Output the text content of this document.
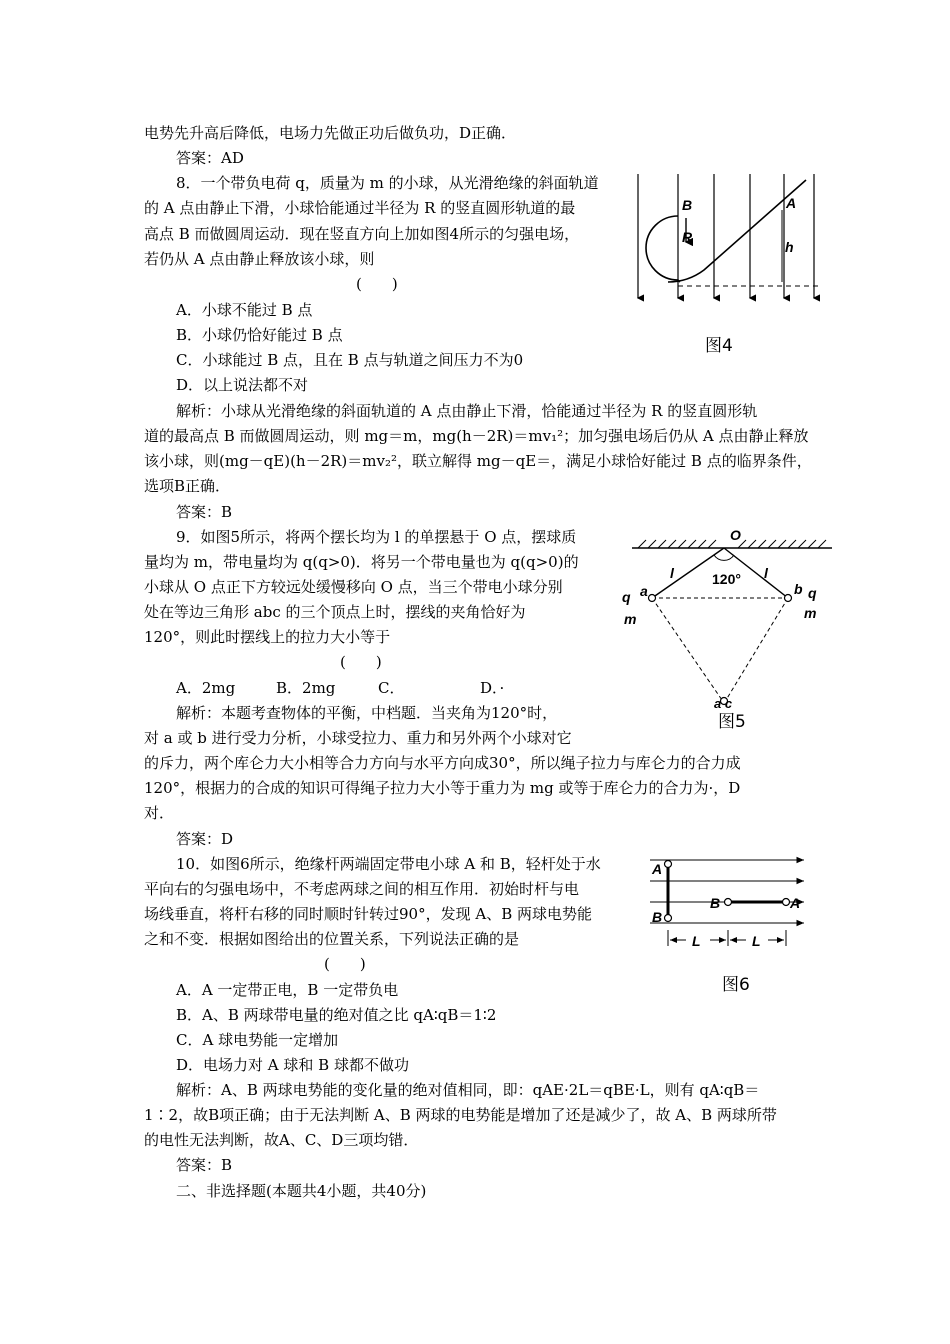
电势先升高后降低，电场力先做正功后做负功，D正确．
答案：AD
8．一个带负电荷 q，质量为 m 的小球，从光滑绝缘的斜面轨道
的 A 点由静止下滑，小球恰能通过半径为 R 的竖直圆形轨道的最
高点 B 而做圆周运动．现在竖直方向上加如图4所示的匀强电场，
若仍从 A 点由静止释放该小球，则
(　　)
A．小球不能过 B 点
B．小球仍恰好能过 B 点
C．小球能过 B 点，且在 B 点与轨道之间压力不为0
D．以上说法都不对
解析：小球从光滑绝缘的斜面轨道的 A 点由静止下滑，恰能通过半径为 R 的竖直圆形轨
道的最高点 B 而做圆周运动，则 mg＝m，mg(h－2R)＝mv₁²；加匀强电场后仍从 A 点由静止释放
该小球，则(mg－qE)(h－2R)＝mv₂²，联立解得 mg－qE＝，满足小球恰好能过 B 点的临界条件，
选项B正确．
答案：B
9．如图5所示，将两个摆长均为 l 的单摆悬于 O 点，摆球质
量均为 m，带电量均为 q(q>0)．将另一个带电量也为 q(q>0)的
小球从 O 点正下方较远处缓慢移向 O 点，当三个带电小球分别
处在等边三角形 abc 的三个顶点上时，摆线的夹角恰好为
120°，则此时摆线上的拉力大小等于
(　　)
A．2mg	B．2mg	C．	D．·
解析：本题考查物体的平衡，中档题．当夹角为120°时，
对 a 或 b 进行受力分析，小球受拉力、重力和另外两个小球对它
的斥力，两个库仑力大小相等合力方向与水平方向成30°，所以绳子拉力与库仑力的合力成
120°，根据力的合成的知识可得绳子拉力大小等于重力为 mg 或等于库仑力的合力为·，D
对．
答案：D
10．如图6所示，绝缘杆两端固定带电小球 A 和 B，轻杆处于水
平向右的匀强电场中，不考虑两球之间的相互作用．初始时杆与电
场线垂直，将杆右移的同时顺时针转过90°，发现 A、B 两球电势能
之和不变．根据如图给出的位置关系，下列说法正确的是
(　　)
A．A 一定带正电，B 一定带负电
B．A、B 两球带电量的绝对值之比 qA∶qB＝1∶2
C．A 球电势能一定增加
D．电场力对 A 球和 B 球都不做功
解析：A、B 两球电势能的变化量的绝对值相同，即：qAE·2L＝qBE·L，则有 qA∶qB＝
1∶2，故B项正确；由于无法判断 A、B 两球的电势能是增加了还是减少了，故 A、B 两球所带
的电性无法判断，故A、C、D三项均错．
答案：B
二、非选择题(本题共4小题，共40分)
B
R
A
h
图4
O
120°
l	l
q a
m
b q
m
a c
图5
A
B
B	A
L	L
图6
